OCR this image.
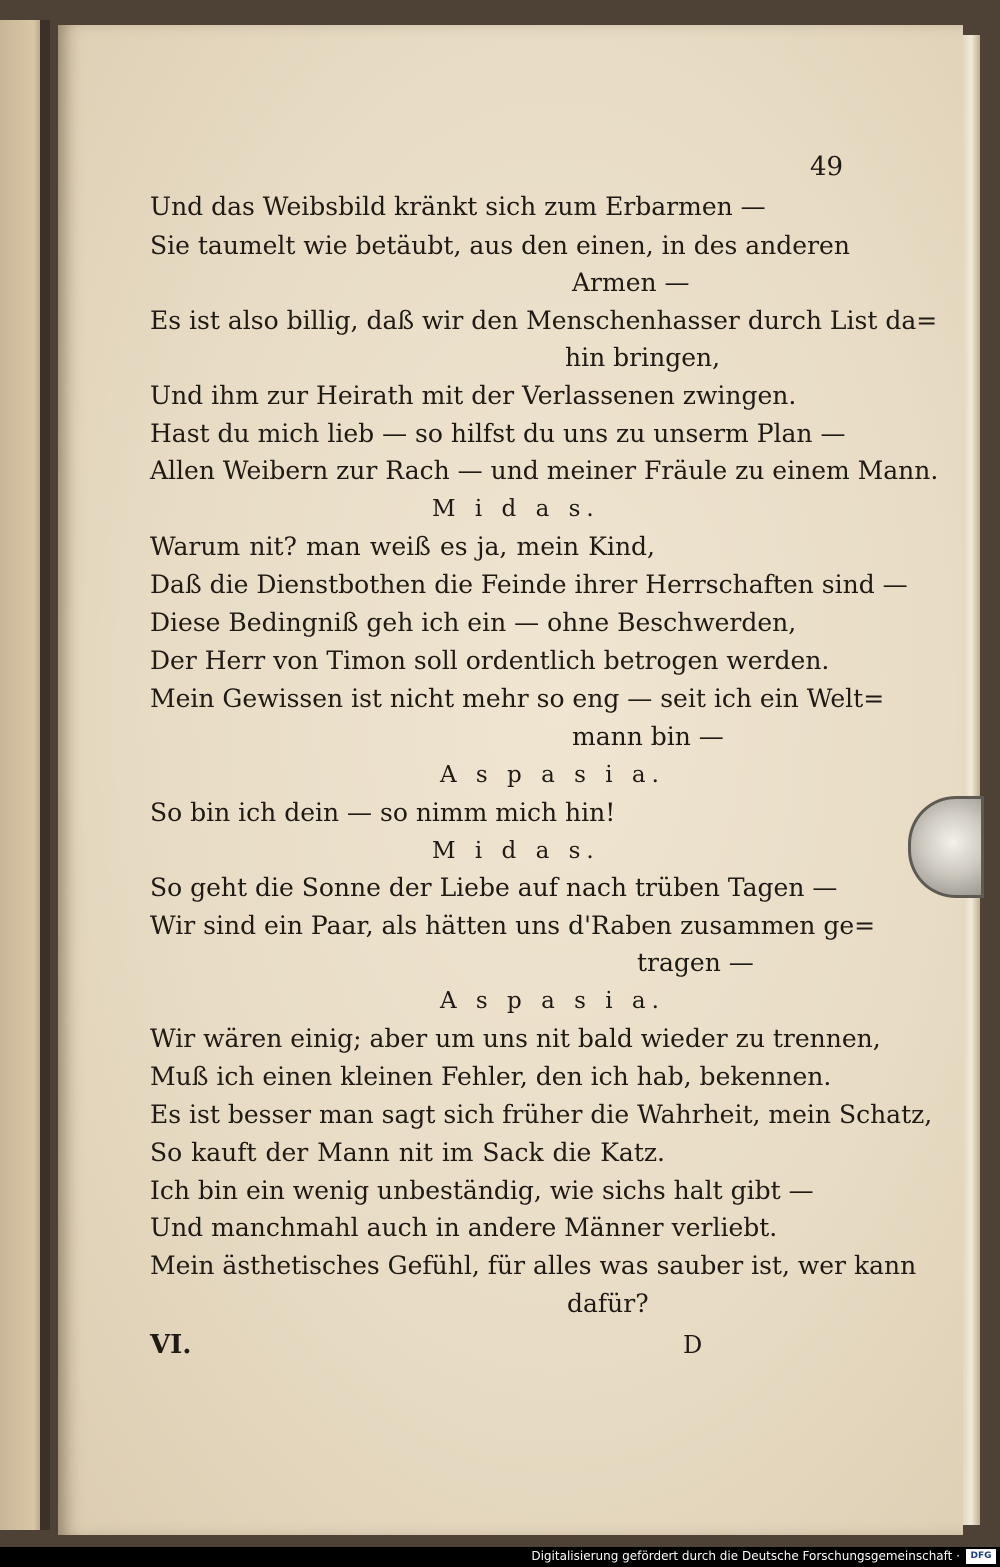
49
Und das Weibsbild kränkt sich zum Erbarmen —
Sie taumelt wie betäubt, aus den einen, in des anderen
Armen —
Es ist also billig, daß wir den Menschenhasser durch List da=
hin bringen,
Und ihm zur Heirath mit der Verlassenen zwingen.
Hast du mich lieb — so hilfst du uns zu unserm Plan —
Allen Weibern zur Rach — und meiner Fräule zu einem Mann.
M i d a s.
Warum nit? man weiß es ja, mein Kind,
Daß die Dienstbothen die Feinde ihrer Herrschaften sind —
Diese Bedingniß geh ich ein — ohne Beschwerden,
Der Herr von Timon soll ordentlich betrogen werden.
Mein Gewissen ist nicht mehr so eng — seit ich ein Welt=
mann bin —
A s p a s i a.
So bin ich dein — so nimm mich hin!
M i d a s.
So geht die Sonne der Liebe auf nach trüben Tagen —
Wir sind ein Paar, als hätten uns d'Raben zusammen ge=
tragen —
A s p a s i a.
Wir wären einig; aber um uns nit bald wieder zu trennen,
Muß ich einen kleinen Fehler, den ich hab, bekennen.
Es ist besser man sagt sich früher die Wahrheit, mein Schatz,
So kauft der Mann nit im Sack die Katz.
Ich bin ein wenig unbeständig, wie sichs halt gibt —
Und manchmahl auch in andere Männer verliebt.
Mein ästhetisches Gefühl, für alles was sauber ist, wer kann
dafür?
VI.	D
Digitalisierung gefördert durch die Deutsche Forschungsgemeinschaft ·	DFG
